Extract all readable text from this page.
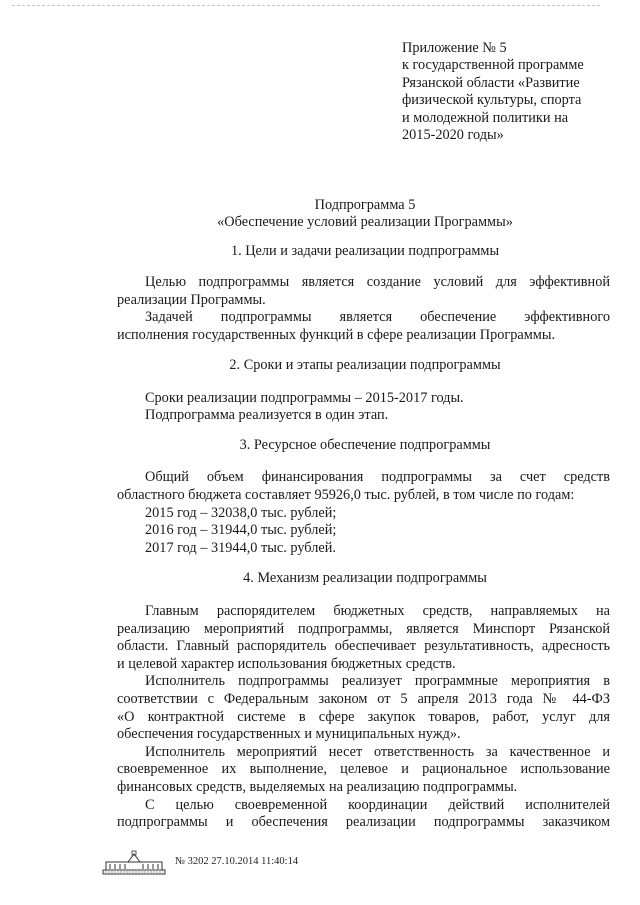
Приложение № 5
к государственной программе
Рязанской области «Развитие
физической культуры, спорта
и молодежной политики на
2015-2020 годы»
Подпрограмма 5
«Обеспечение условий реализации Программы»
1. Цели и задачи реализации подпрограммы
Целью подпрограммы является создание условий для эффективной
реализации Программы.
Задачей подпрограммы является обеспечение эффективного
исполнения государственных функций в сфере реализации Программы.
2. Сроки и этапы реализации подпрограммы
Сроки реализации подпрограммы – 2015-2017 годы.
Подпрограмма реализуется в один этап.
3. Ресурсное обеспечение подпрограммы
Общий объем финансирования подпрограммы за счет средств
областного бюджета составляет 95926,0 тыс. рублей, в том числе по годам:
2015 год – 32038,0 тыс. рублей;
2016 год – 31944,0 тыс. рублей;
2017 год – 31944,0 тыс. рублей.
4. Механизм реализации подпрограммы
Главным распорядителем бюджетных средств, направляемых на
реализацию мероприятий подпрограммы, является Минспорт Рязанской
области. Главный распорядитель обеспечивает результативность, адресность
и целевой характер использования бюджетных средств.
Исполнитель подпрограммы реализует программные мероприятия в
соответствии с Федеральным законом от 5 апреля 2013 года № 44-ФЗ
«О контрактной системе в сфере закупок товаров, работ, услуг для
обеспечения государственных и муниципальных нужд».
Исполнитель мероприятий несет ответственность за качественное и
своевременное их выполнение, целевое и рациональное использование
финансовых средств, выделяемых на реализацию подпрограммы.
С целью своевременной координации действий исполнителей
подпрограммы и обеспечения реализации подпрограммы заказчиком
№ 3202 27.10.2014 11:40:14
